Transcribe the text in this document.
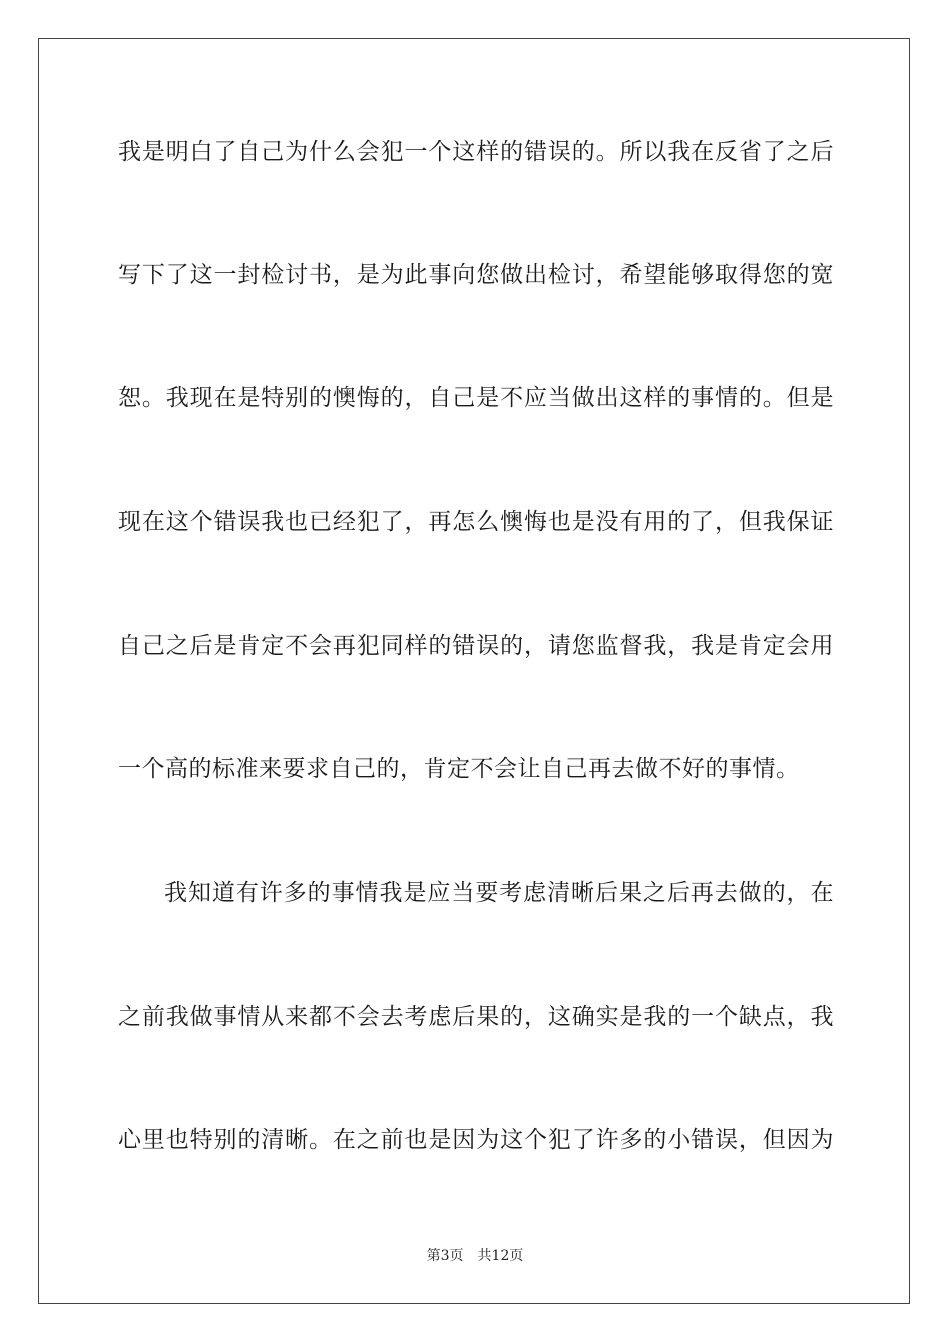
我是明白了自己为什么会犯一个这样的错误的。所以我在反省了之后
写下了这一封检讨书，是为此事向您做出检讨，希望能够取得您的宽
恕。我现在是特别的懊悔的，自己是不应当做出这样的事情的。但是
现在这个错误我也已经犯了，再怎么懊悔也是没有用的了，但我保证
自己之后是肯定不会再犯同样的错误的，请您监督我，我是肯定会用
一个高的标准来要求自己的，肯定不会让自己再去做不好的事情。
我知道有许多的事情我是应当要考虑清晰后果之后再去做的，在
之前我做事情从来都不会去考虑后果的，这确实是我的一个缺点，我
心里也特别的清晰。在之前也是因为这个犯了许多的小错误，但因为
第3页 共12页
